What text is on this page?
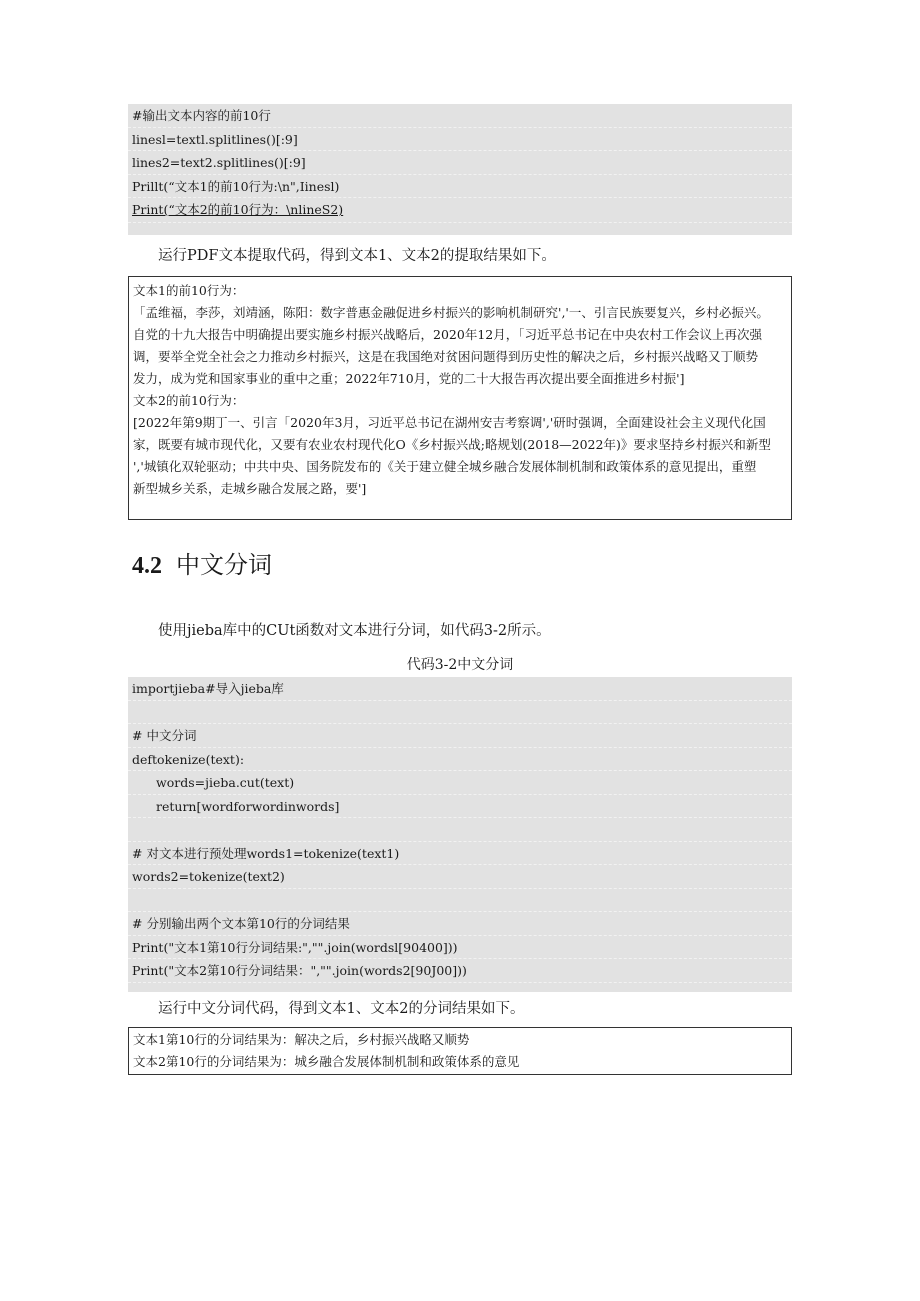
#输出文本内容的前10行
linesl=textl.splitlines()[:9]
lines2=text2.splitlines()[:9]
Prillt(“文本1的前10行为:\n",Iinesl)
Print(“文本2的前10行为：\nlineS2)
运行PDF文本提取代码，得到文本1、文本2的提取结果如下。
文本1的前10行为：
「孟维福，李莎，刘靖涵，陈阳：数字普惠金融促进乡村振兴的影响机制研究','一、引言民族要复兴，乡村必振兴。
自党的十九大报告中明确提出要实施乡村振兴战略后，2020年12月，「习近平总书记在中央农村工作会议上再次强
调，要举全党全社会之力推动乡村振兴，这是在我国绝对贫困问题得到历史性的解决之后，乡村振兴战略又丁顺势
发力，成为党和国家事业的重中之重；2022年710月，党的二十大报告再次提出要全面推进乡村振']
文本2的前10行为：
[2022年第9期丁一、引言「2020年3月，习近平总书记在湖州安吉考察调','研时强调，全面建设社会主义现代化国
家，既要有城市现代化，又要有农业农村现代化O《乡村振兴战;略规划(2018—2022年)》要求坚持乡村振兴和新型
','城镇化双轮驱动；中共中央、国务院发布的《关于建立健全城乡融合发展体制机制和政策体系的意见提出，重塑
新型城乡关系，走城乡融合发展之路，要']
4.2 中文分词
使用jieba库中的CUt函数对文本进行分词，如代码3-2所示。
代码3-2中文分词
importjieba#导入jieba库
# 中文分词
deftokenize(text):
words=jieba.cut(text)
return[wordforwordinwords]
# 对文本进行预处理words1=tokenize(text1)
words2=tokenize(text2)
# 分别输出两个文本第10行的分词结果
Print("文本1第10行分词结果:","".join(wordsl[90400]))
Print("文本2第10行分词结果：","".join(words2[90J00]))
运行中文分词代码，得到文本1、文本2的分词结果如下。
文本1第10行的分词结果为：解决之后，乡村振兴战略又顺势
文本2第10行的分词结果为：城乡融合发展体制机制和政策体系的意见
